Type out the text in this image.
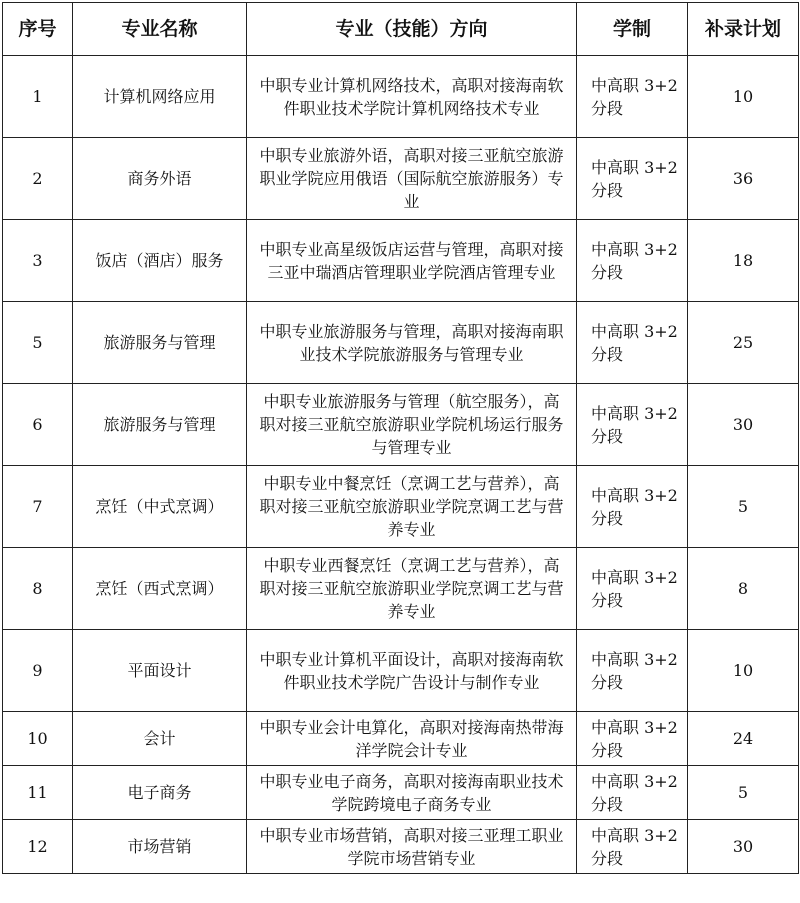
序号	专业名称	专业（技能）方向	学制	补录计划
1	计算机网络应用	中职专业计算机网络技术，高职对接海南软件职业技术学院计算机网络技术专业	中高职 3+2 分段	10
2	商务外语	中职专业旅游外语，高职对接三亚航空旅游职业学院应用俄语（国际航空旅游服务）专业	中高职 3+2 分段	36
3	饭店（酒店）服务	中职专业高星级饭店运营与管理，高职对接三亚中瑞酒店管理职业学院酒店管理专业	中高职 3+2 分段	18
5	旅游服务与管理	中职专业旅游服务与管理，高职对接海南职业技术学院旅游服务与管理专业	中高职 3+2 分段	25
6	旅游服务与管理	中职专业旅游服务与管理（航空服务），高职对接三亚航空旅游职业学院机场运行服务与管理专业	中高职 3+2 分段	30
7	烹饪（中式烹调）	中职专业中餐烹饪（烹调工艺与营养），高职对接三亚航空旅游职业学院烹调工艺与营养专业	中高职 3+2 分段	5
8	烹饪（西式烹调）	中职专业西餐烹饪（烹调工艺与营养），高职对接三亚航空旅游职业学院烹调工艺与营养专业	中高职 3+2 分段	8
9	平面设计	中职专业计算机平面设计，高职对接海南软件职业技术学院广告设计与制作专业	中高职 3+2 分段	10
10	会计	中职专业会计电算化，高职对接海南热带海洋学院会计专业	中高职 3+2 分段	24
11	电子商务	中职专业电子商务，高职对接海南职业技术学院跨境电子商务专业	中高职 3+2 分段	5
12	市场营销	中职专业市场营销，高职对接三亚理工职业学院市场营销专业	中高职 3+2 分段	30
